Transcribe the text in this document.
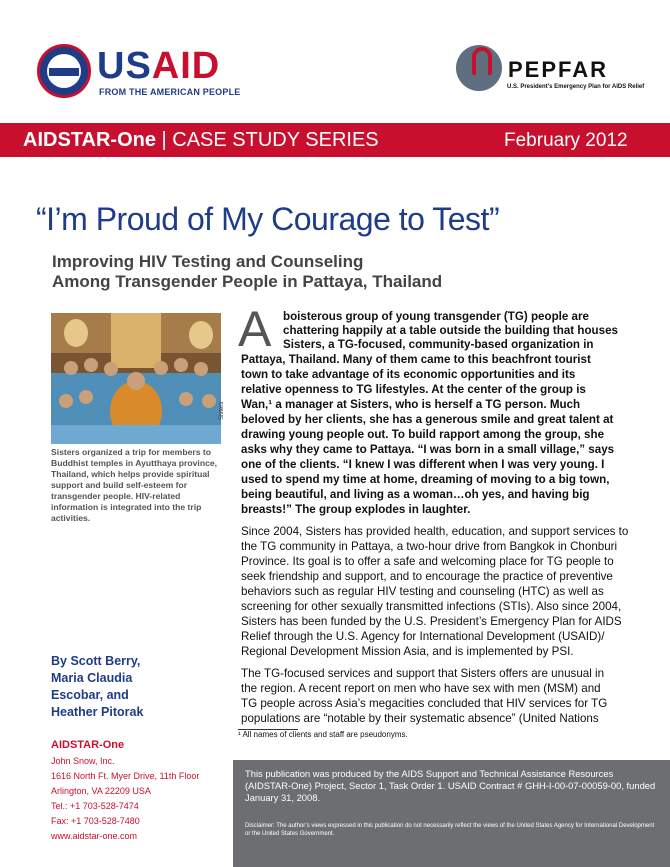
USAID
FROM THE AMERICAN PEOPLE
PEPFAR
U.S. President's Emergency Plan for AIDS Relief
AIDSTAR-One | CASE STUDY SERIES	February 2012
“I’m Proud of My Courage to Test”
Improving HIV Testing and Counseling
Among Transgender People in Pattaya, Thailand
Sisters
Sisters organized a trip for members to Buddhist temples in Ayutthaya province, Thailand, which helps provide spiritual support and build self-esteem for transgender people. HIV-related information is integrated into the trip activities.
A boisterous group of young transgender (TG) people are
chattering happily at a table outside the building that houses
Sisters, a TG-focused, community-based organization in
Pattaya, Thailand. Many of them came to this beachfront tourist
town to take advantage of its economic opportunities and its
relative openness to TG lifestyles. At the center of the group is
Wan,¹ a manager at Sisters, who is herself a TG person. Much
beloved by her clients, she has a generous smile and great talent at
drawing young people out. To build rapport among the group, she
asks why they came to Pattaya. “I was born in a small village,” says
one of the clients. “I knew I was different when I was very young. I
used to spend my time at home, dreaming of moving to a big town,
being beautiful, and living as a woman…oh yes, and having big
breasts!” The group explodes in laughter.
Since 2004, Sisters has provided health, education, and support services to
the TG community in Pattaya, a two-hour drive from Bangkok in Chonburi
Province. Its goal is to offer a safe and welcoming place for TG people to
seek friendship and support, and to encourage the practice of preventive
behaviors such as regular HIV testing and counseling (HTC) as well as
screening for other sexually transmitted infections (STIs). Also since 2004,
Sisters has been funded by the U.S. President’s Emergency Plan for AIDS
Relief through the U.S. Agency for International Development (USAID)/
Regional Development Mission Asia, and is implemented by PSI.
The TG-focused services and support that Sisters offers are unusual in
the region. A recent report on men who have sex with men (MSM) and
TG people across Asia’s megacities concluded that HIV services for TG
populations are “notable by their systematic absence” (United Nations
¹ All names of clients and staff are pseudonyms.
By Scott Berry,
Maria Claudia
Escobar, and
Heather Pitorak
AIDSTAR-One
John Snow, Inc.
1616 North Ft. Myer Drive, 11th Floor
Arlington, VA 22209 USA
Tel.: +1 703-528-7474
Fax: +1 703-528-7480
www.aidstar-one.com
This publication was produced by the AIDS Support and Technical Assistance Resources (AIDSTAR-One) Project, Sector 1, Task Order 1. USAID Contract # GHH-I-00-07-00059-00, funded January 31, 2008.
Disclaimer: The author’s views expressed in this publication do not necessarily reflect the views of the United States Agency for International Development or the United States Government.
